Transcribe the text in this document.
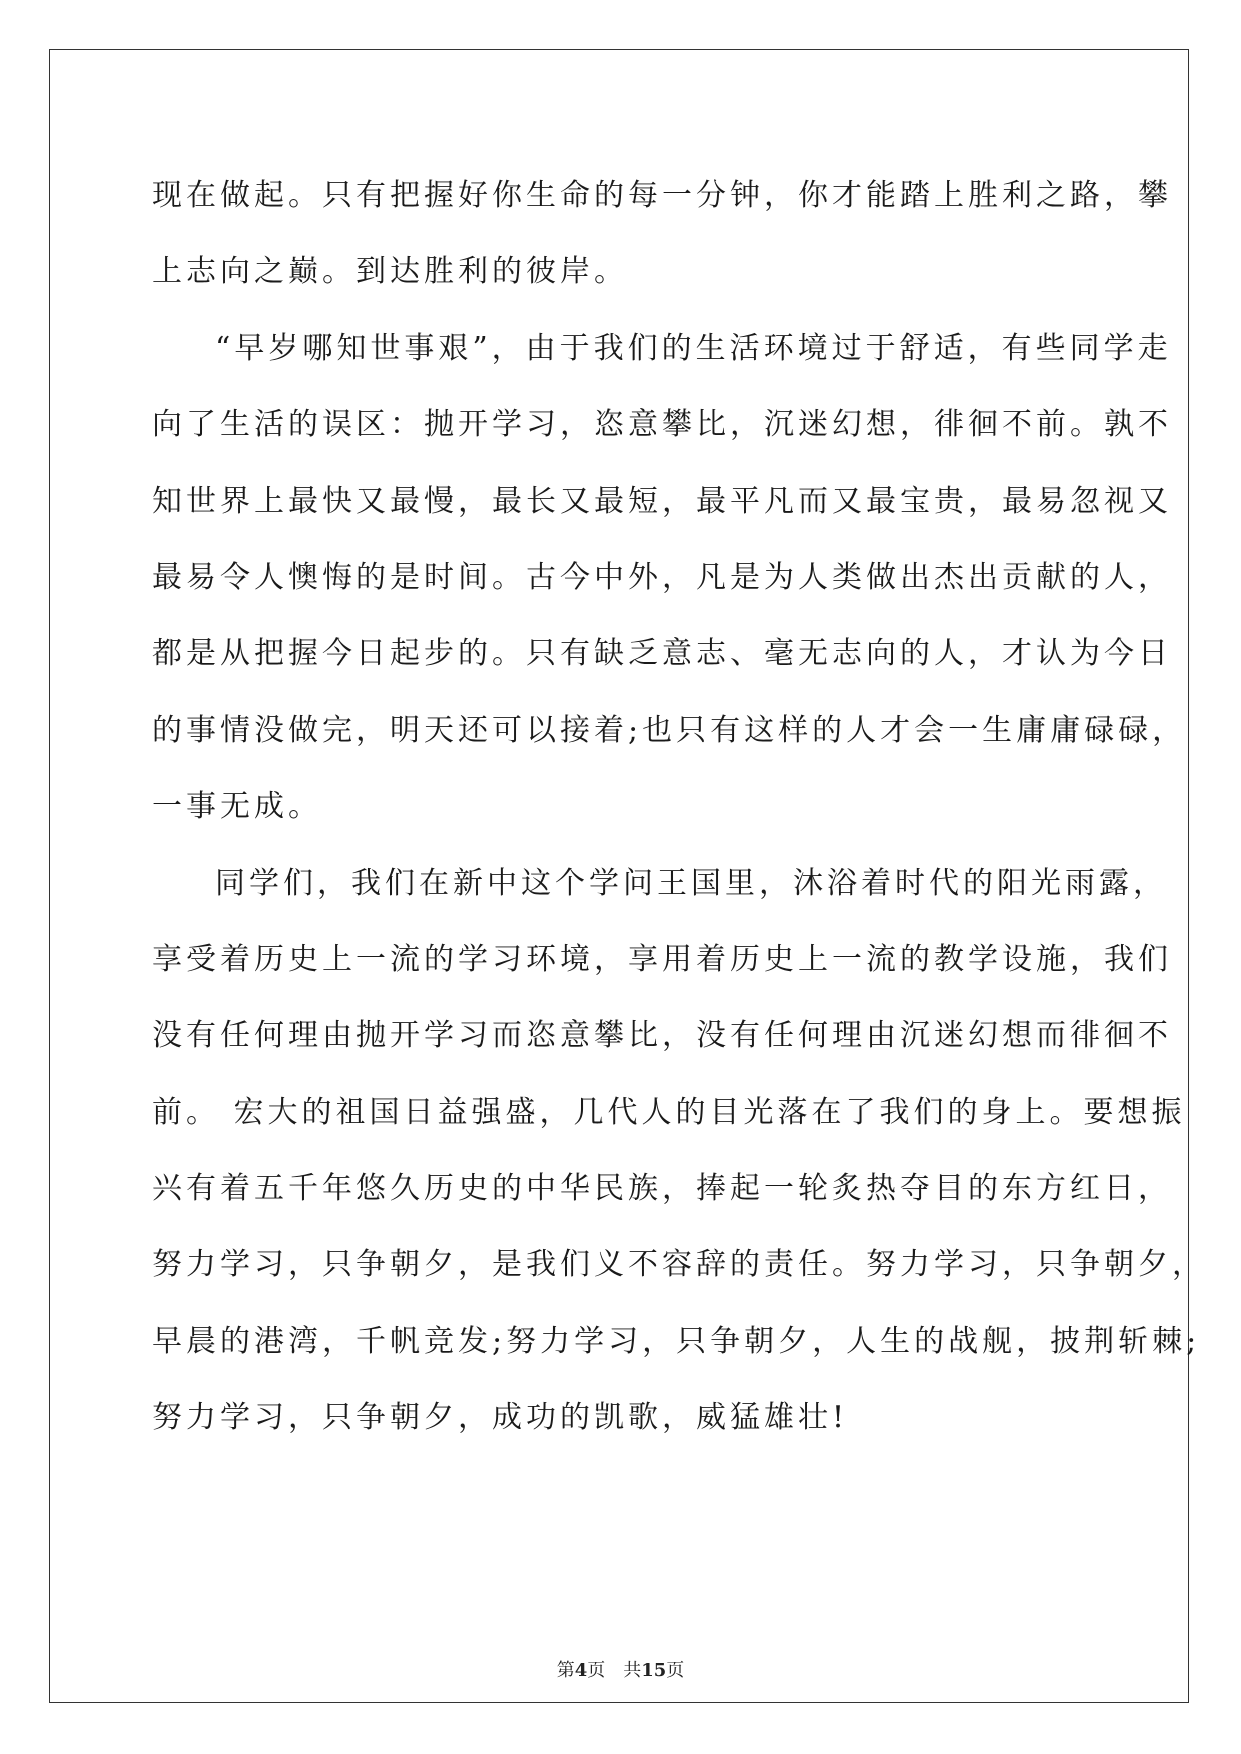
现在做起。只有把握好你生命的每一分钟，你才能踏上胜利之路，攀
上志向之巅。到达胜利的彼岸。
“早岁哪知世事艰”，由于我们的生活环境过于舒适，有些同学走
向了生活的误区：抛开学习，恣意攀比，沉迷幻想，徘徊不前。孰不
知世界上最快又最慢，最长又最短，最平凡而又最宝贵，最易忽视又
最易令人懊悔的是时间。古今中外，凡是为人类做出杰出贡献的人，
都是从把握今日起步的。只有缺乏意志、毫无志向的人，才认为今日
的事情没做完，明天还可以接着;也只有这样的人才会一生庸庸碌碌，
一事无成。
同学们，我们在新中这个学问王国里，沐浴着时代的阳光雨露，
享受着历史上一流的学习环境，享用着历史上一流的教学设施，我们
没有任何理由抛开学习而恣意攀比，没有任何理由沉迷幻想而徘徊不
前。 宏大的祖国日益强盛，几代人的目光落在了我们的身上。要想振
兴有着五千年悠久历史的中华民族，捧起一轮炙热夺目的东方红日，
努力学习，只争朝夕，是我们义不容辞的责任。努力学习，只争朝夕，
早晨的港湾，千帆竞发;努力学习，只争朝夕，人生的战舰，披荆斩棘;
努力学习，只争朝夕，成功的凯歌，威猛雄壮!
第4页 共15页
